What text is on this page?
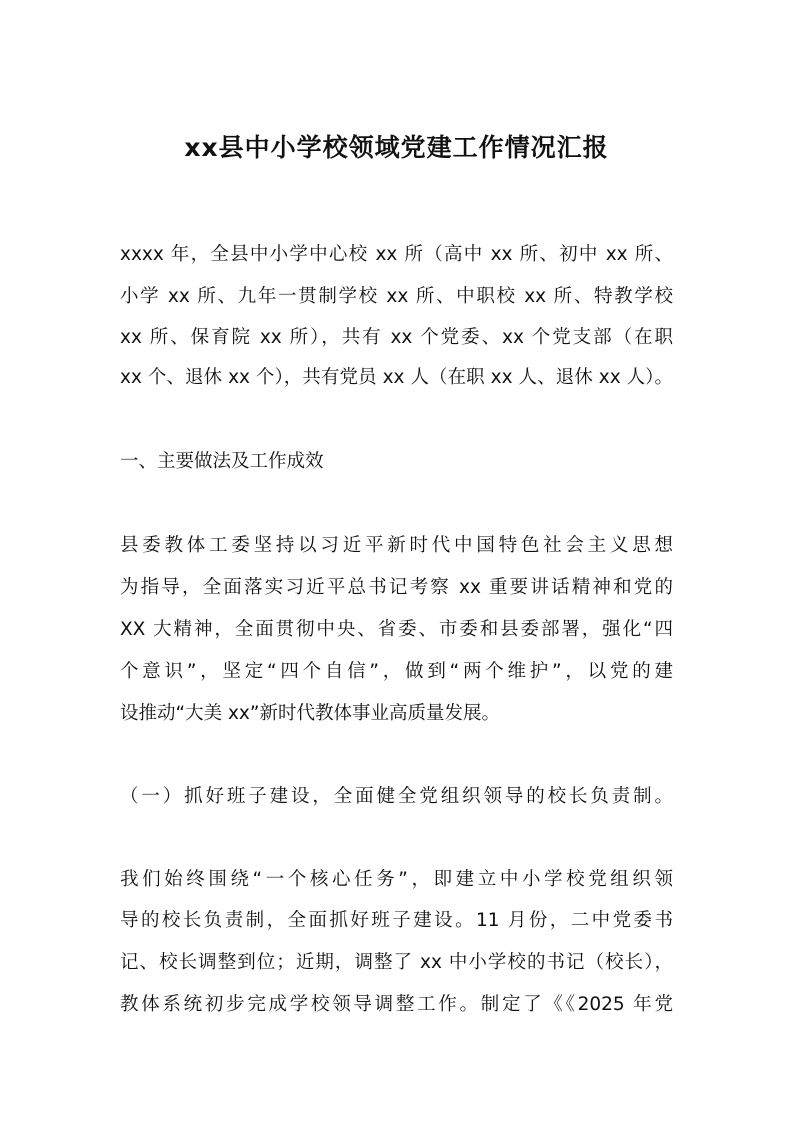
xx县中小学校领域党建工作情况汇报
xxxx 年，全县中小学中心校 xx 所（高中 xx 所、初中 xx 所、
小学 xx 所、九年一贯制学校 xx 所、中职校 xx 所、特教学校
xx 所、保育院 xx 所），共有 xx 个党委、xx 个党支部（在职
xx 个、退休 xx 个），共有党员 xx 人（在职 xx 人、退休 xx 人）。
一、主要做法及工作成效
县委教体工委坚持以习近平新时代中国特色社会主义思想
为指导，全面落实习近平总书记考察 xx 重要讲话精神和党的
XX 大精神，全面贯彻中央、省委、市委和县委部署，强化“四
个意识”，坚定“四个自信”，做到“两个维护”，以党的建
设推动“大美 xx”新时代教体事业高质量发展。
（一）抓好班子建设，全面健全党组织领导的校长负责制。
我们始终围绕“一个核心任务”，即建立中小学校党组织领
导的校长负责制，全面抓好班子建设。11 月份，二中党委书
记、校长调整到位；近期，调整了 xx 中小学校的书记（校长），
教体系统初步完成学校领导调整工作。制定了《《2025 年党
